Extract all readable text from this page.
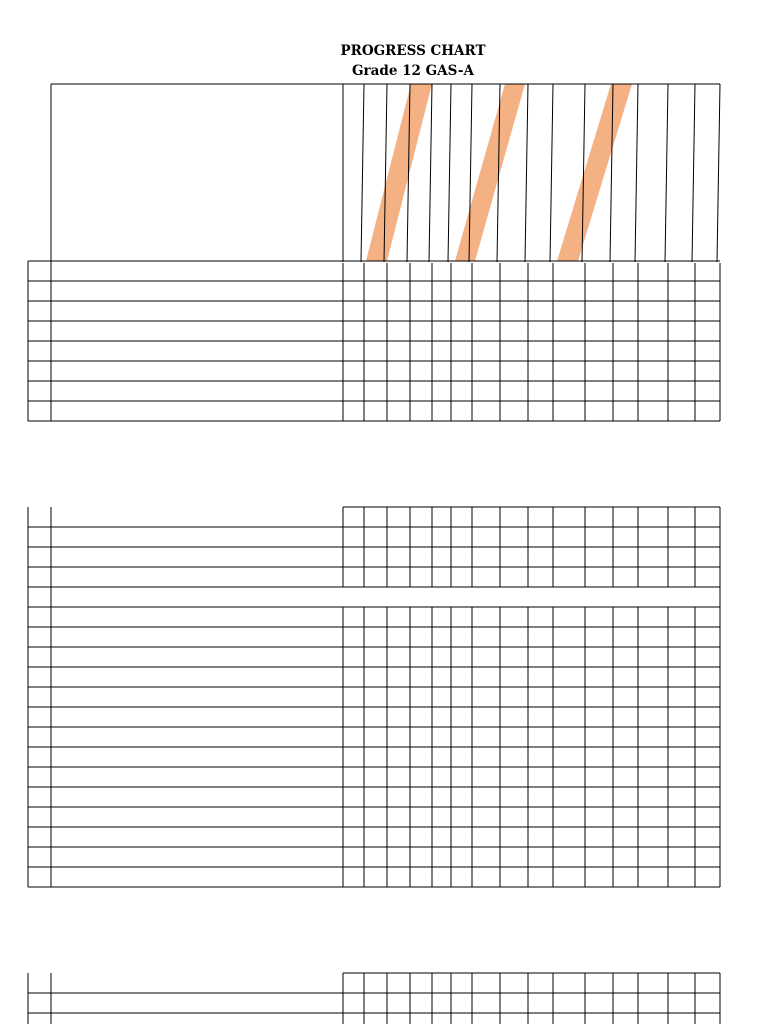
PROGRESS CHART
Grade 12 GAS-A
